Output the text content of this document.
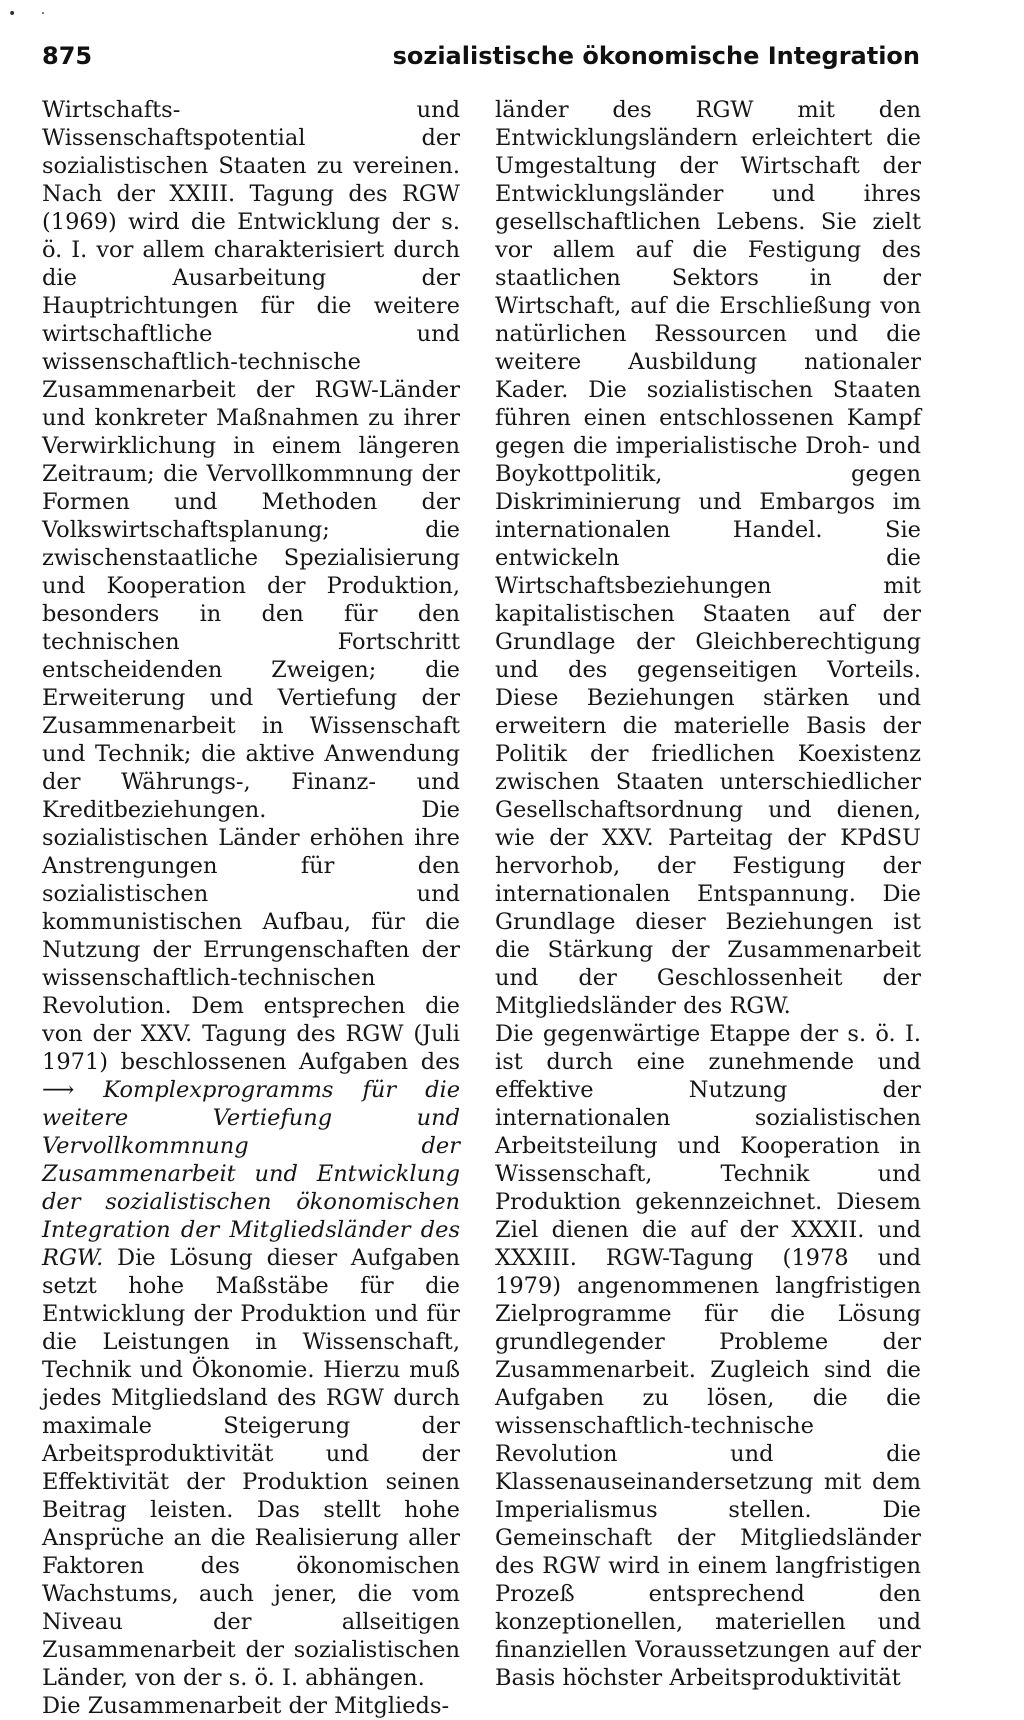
• ·
875	sozialistische ökonomische Integration

Wirtschafts- und Wissenschaftspotential der sozialistischen Staaten zu vereinen. Nach der XXIII. Tagung des RGW (1969) wird die Entwicklung der s. ö. I. vor allem charakterisiert durch die Ausarbeitung der Hauptrichtungen für die weitere wirtschaftliche und wissenschaftlich-technische Zusammenarbeit der RGW-Länder und konkreter Maßnahmen zu ihrer Verwirklichung in einem längeren Zeitraum; die Vervollkommnung der Formen und Methoden der Volkswirtschaftsplanung; die zwischenstaatliche Spezialisierung und Kooperation der Produktion, besonders in den für den technischen Fortschritt entscheidenden Zweigen; die Erweiterung und Vertiefung der Zusammenarbeit in Wissenschaft und Technik; die aktive Anwendung der Währungs-, Finanz- und Kreditbeziehungen. Die sozialistischen Länder erhöhen ihre Anstrengungen für den sozialistischen und kommunistischen Aufbau, für die Nutzung der Errungenschaften der wissenschaftlich-technischen Revolution. Dem entsprechen die von der XXV. Tagung des RGW (Juli 1971) beschlossenen Aufgaben des ⟶ Komplexprogramms für die weitere Vertiefung und Vervollkommnung der Zusammenarbeit und Entwicklung der sozialistischen ökonomischen Integration der Mitgliedsländer des RGW. Die Lösung dieser Aufgaben setzt hohe Maßstäbe für die Entwicklung der Produktion und für die Leistungen in Wissenschaft, Technik und Ökonomie. Hierzu muß jedes Mitgliedsland des RGW durch maximale Steigerung der Arbeitsproduktivität und der Effektivität der Produktion seinen Beitrag leisten. Das stellt hohe Ansprüche an die Realisierung aller Faktoren des ökonomischen Wachstums, auch jener, die vom Niveau der allseitigen Zusammenarbeit der sozialistischen Länder, von der s. ö. I. abhängen.

Die Zusammenarbeit der Mitglieds-

länder des RGW mit den Entwicklungsländern erleichtert die Umgestaltung der Wirtschaft der Entwicklungsländer und ihres gesellschaftlichen Lebens. Sie zielt vor allem auf die Festigung des staatlichen Sektors in der Wirtschaft, auf die Erschließung von natürlichen Ressourcen und die weitere Ausbildung nationaler Kader. Die sozialistischen Staaten führen einen entschlossenen Kampf gegen die imperialistische Droh- und Boykottpolitik, gegen Diskriminierung und Embargos im internationalen Handel. Sie entwickeln die Wirtschaftsbeziehungen mit kapitalistischen Staaten auf der Grundlage der Gleichberechtigung und des gegenseitigen Vorteils. Diese Beziehungen stärken und erweitern die materielle Basis der Politik der friedlichen Koexistenz zwischen Staaten unterschiedlicher Gesellschaftsordnung und dienen, wie der XXV. Parteitag der KPdSU hervorhob, der Festigung der internationalen Entspannung. Die Grundlage dieser Beziehungen ist die Stärkung der Zusammenarbeit und der Geschlossenheit der Mitgliedsländer des RGW.

Die gegenwärtige Etappe der s. ö. I. ist durch eine zunehmende und effektive Nutzung der internationalen sozialistischen Arbeitsteilung und Kooperation in Wissenschaft, Technik und Produktion gekennzeichnet. Diesem Ziel dienen die auf der XXXII. und XXXIII. RGW-Tagung (1978 und 1979) angenommenen langfristigen Zielprogramme für die Lösung grundlegender Probleme der Zusammenarbeit. Zugleich sind die Aufgaben zu lösen, die die wissenschaftlich-technische Revolution und die Klassenauseinandersetzung mit dem Imperialismus stellen. Die Gemeinschaft der Mitgliedsländer des RGW wird in einem langfristigen Prozeß entsprechend den konzeptionellen, materiellen und finanziellen Voraussetzungen auf der Basis höchster Arbeitsproduktivität
